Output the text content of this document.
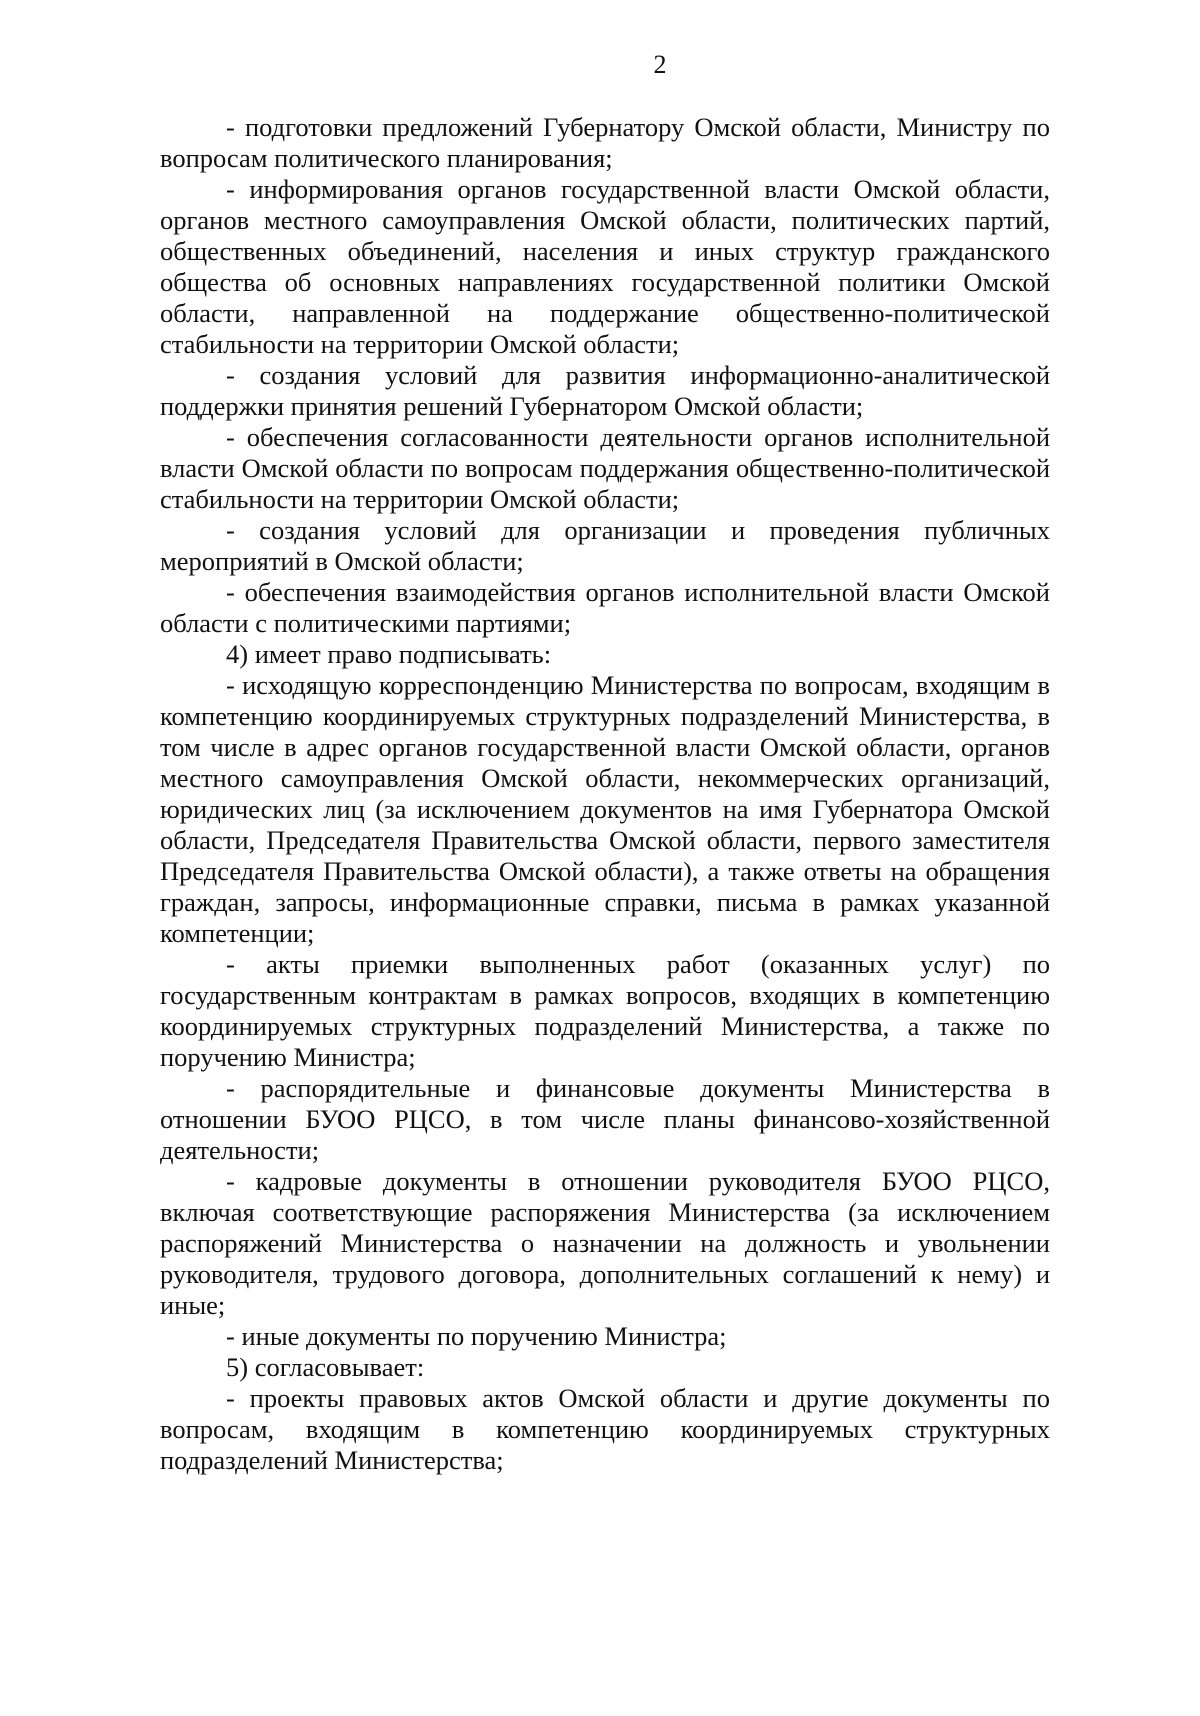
2

- подготовки предложений Губернатору Омской области, Министру по вопросам политического планирования;

- информирования органов государственной власти Омской области, органов местного самоуправления Омской области, политических партий, общественных объединений, населения и иных структур гражданского общества об основных направлениях государственной политики Омской области, направленной на поддержание общественно-политической стабильности на территории Омской области;

- создания условий для развития информационно-аналитической поддержки принятия решений Губернатором Омской области;

- обеспечения согласованности деятельности органов исполнительной власти Омской области по вопросам поддержания общественно-политической стабильности на территории Омской области;

- создания условий для организации и проведения публичных мероприятий в Омской области;

- обеспечения взаимодействия органов исполнительной власти Омской области с политическими партиями;

4) имеет право подписывать:

- исходящую корреспонденцию Министерства по вопросам, входящим в компетенцию координируемых структурных подразделений Министерства, в том числе в адрес органов государственной власти Омской области, органов местного самоуправления Омской области, некоммерческих организаций, юридических лиц (за исключением документов на имя Губернатора Омской области, Председателя Правительства Омской области, первого заместителя Председателя Правительства Омской области), а также ответы на обращения граждан, запросы, информационные справки, письма в рамках указанной компетенции;

- акты приемки выполненных работ (оказанных услуг) по государственным контрактам в рамках вопросов, входящих в компетенцию координируемых структурных подразделений Министерства, а также по поручению Министра;

- распорядительные и финансовые документы Министерства в отношении БУОО РЦСО, в том числе планы финансово-хозяйственной деятельности;

- кадровые документы в отношении руководителя БУОО РЦСО, включая соответствующие распоряжения Министерства (за исключением распоряжений Министерства о назначении на должность и увольнении руководителя, трудового договора, дополнительных соглашений к нему) и иные;

- иные документы по поручению Министра;

5) согласовывает:

- проекты правовых актов Омской области и другие документы по вопросам, входящим в компетенцию координируемых структурных подразделений Министерства;
